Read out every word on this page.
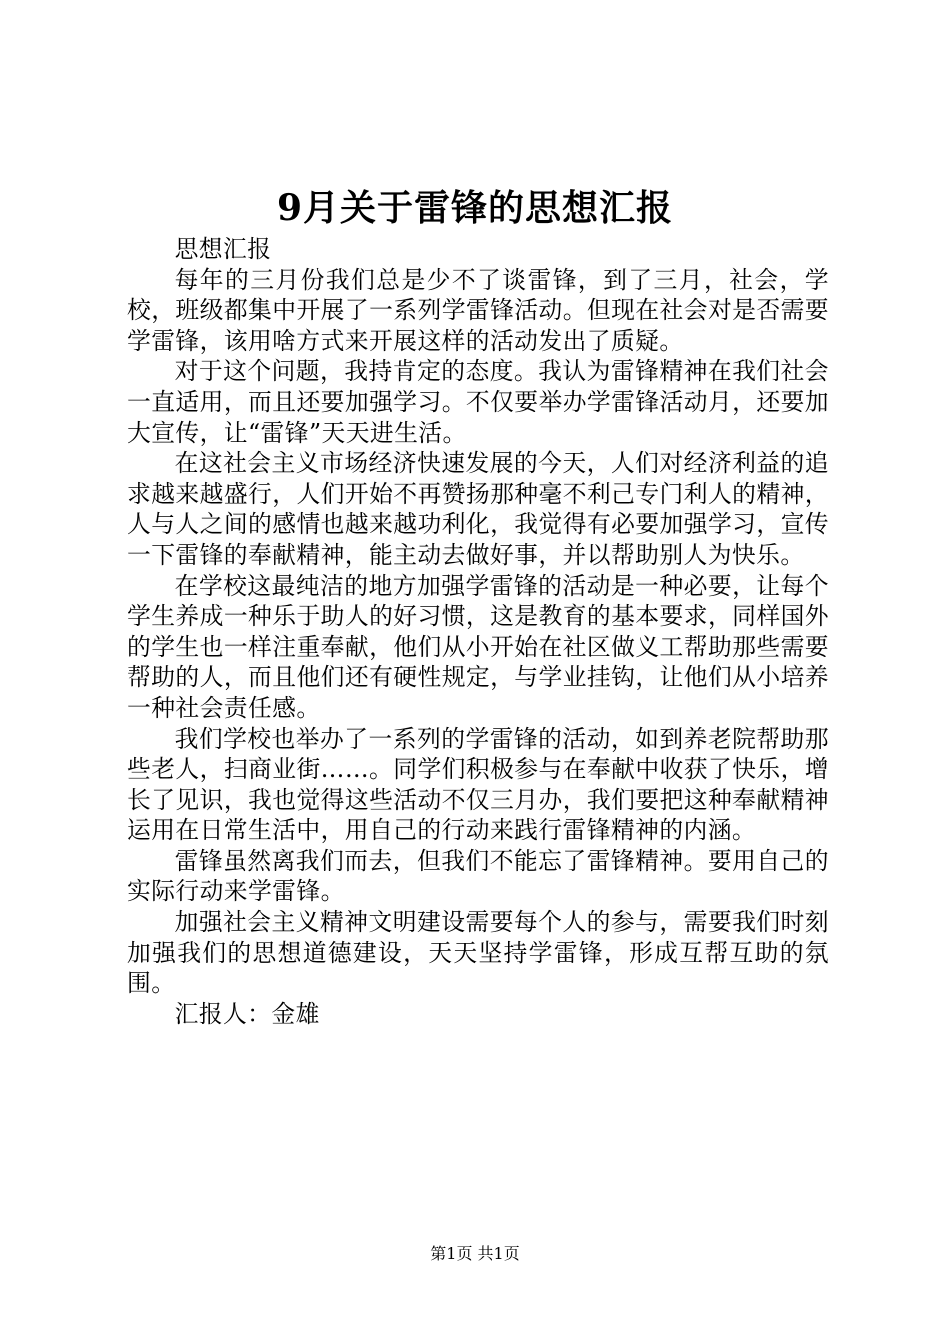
9月关于雷锋的思想汇报

思想汇报

每年的三月份我们总是少不了谈雷锋，到了三月，社会，学校，班级都集中开展了一系列学雷锋活动。但现在社会对是否需要学雷锋，该用啥方式来开展这样的活动发出了质疑。

对于这个问题，我持肯定的态度。我认为雷锋精神在我们社会一直适用，而且还要加强学习。不仅要举办学雷锋活动月，还要加大宣传，让“雷锋”天天进生活。

在这社会主义市场经济快速发展的今天，人们对经济利益的追求越来越盛行，人们开始不再赞扬那种毫不利己专门利人的精神，人与人之间的感情也越来越功利化，我觉得有必要加强学习，宣传一下雷锋的奉献精神，能主动去做好事，并以帮助别人为快乐。

在学校这最纯洁的地方加强学雷锋的活动是一种必要，让每个学生养成一种乐于助人的好习惯，这是教育的基本要求，同样国外的学生也一样注重奉献，他们从小开始在社区做义工帮助那些需要帮助的人，而且他们还有硬性规定，与学业挂钩，让他们从小培养一种社会责任感。

我们学校也举办了一系列的学雷锋的活动，如到养老院帮助那些老人，扫商业街……。同学们积极参与在奉献中收获了快乐，增长了见识，我也觉得这些活动不仅三月办，我们要把这种奉献精神运用在日常生活中，用自己的行动来践行雷锋精神的内涵。

雷锋虽然离我们而去，但我们不能忘了雷锋精神。要用自己的实际行动来学雷锋。

加强社会主义精神文明建设需要每个人的参与，需要我们时刻加强我们的思想道德建设，天天坚持学雷锋，形成互帮互助的氛围。

汇报人：金雄

第1页 共1页
